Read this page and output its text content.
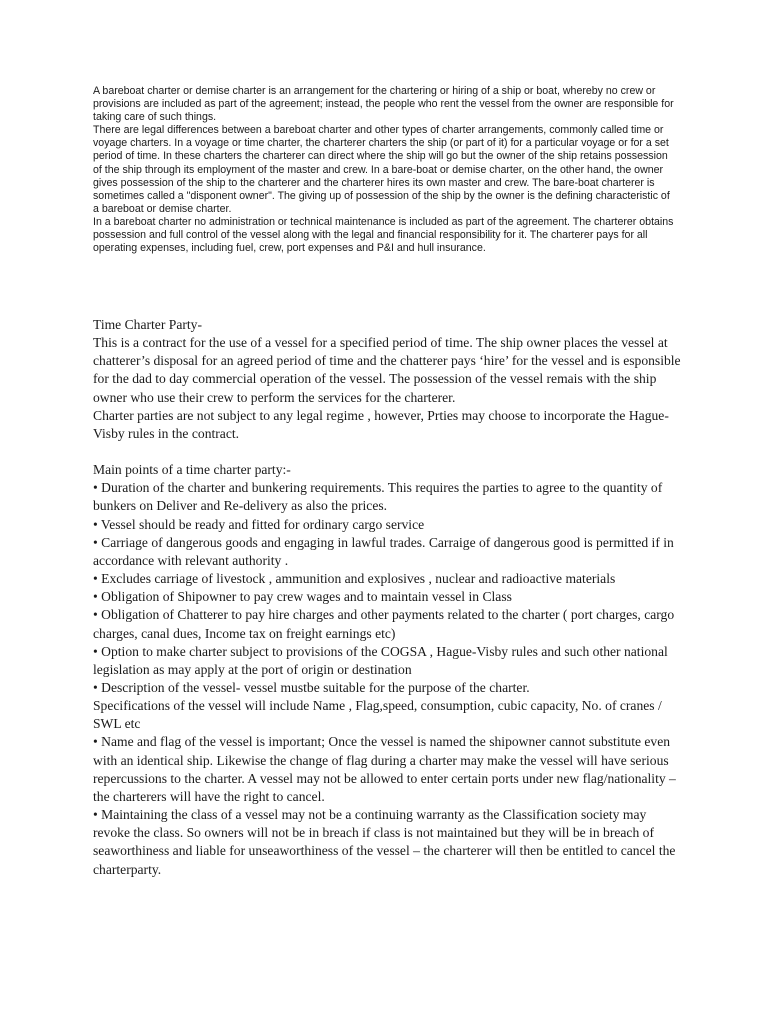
A bareboat charter or demise charter is an arrangement for the chartering or hiring of a ship or boat, whereby no crew or provisions are included as part of the agreement; instead, the people who rent the vessel from the owner are responsible for taking care of such things.

There are legal differences between a bareboat charter and other types of charter arrangements, commonly called time or voyage charters. In a voyage or time charter, the charterer charters the ship (or part of it) for a particular voyage or for a set period of time. In these charters the charterer can direct where the ship will go but the owner of the ship retains possession of the ship through its employment of the master and crew. In a bare-boat or demise charter, on the other hand, the owner gives possession of the ship to the charterer and the charterer hires its own master and crew. The bare-boat charterer is sometimes called a "disponent owner". The giving up of possession of the ship by the owner is the defining characteristic of a bareboat or demise charter.

In a bareboat charter no administration or technical maintenance is included as part of the agreement. The charterer obtains possession and full control of the vessel along with the legal and financial responsibility for it. The charterer pays for all operating expenses, including fuel, crew, port expenses and P&I and hull insurance.

Time Charter Party-

This is a contract for the use of a vessel for a specified period of time. The ship owner places the vessel at chatterer’s disposal for an agreed period of time and the chatterer pays ‘hire’ for the vessel and is esponsible for the dad to day commercial operation of the vessel. The possession of the vessel remais with the ship owner who use their crew to perform the services for the charterer.

Charter parties are not subject to any legal regime , however, Prties may choose to incorporate the Hague-Visby rules in the contract.

Main points of a time charter party:-

• Duration of the charter and bunkering requirements. This requires the parties to agree to the quantity of bunkers on Deliver and Re-delivery as also the prices.

• Vessel should be ready and fitted for ordinary cargo service

• Carriage of dangerous goods and engaging in lawful trades. Carraige of dangerous good is permitted if in accordance with relevant authority .

• Excludes carriage of livestock , ammunition and explosives , nuclear and radioactive materials

• Obligation of Shipowner to pay crew wages and to maintain vessel in Class

• Obligation of Chatterer to pay hire charges and other payments related to the charter ( port charges, cargo charges, canal dues, Income tax on freight earnings etc)

• Option to make charter subject to provisions of the COGSA , Hague-Visby rules and such other national legislation as may apply at the port of origin or destination

• Description of the vessel- vessel mustbe suitable for the purpose of the charter.

Specifications of the vessel will include Name , Flag,speed, consumption, cubic capacity, No. of cranes / SWL etc

• Name and flag of the vessel is important; Once the vessel is named the shipowner cannot substitute even with an identical ship. Likewise the change of flag during a charter may make the vessel will have serious repercussions to the charter. A vessel may not be allowed to enter certain ports under new flag/nationality – the charterers will have the right to cancel.

• Maintaining the class of a vessel may not be a continuing warranty as the Classification society may revoke the class. So owners will not be in breach if class is not maintained but they will be in breach of seaworthiness and liable for unseaworthiness of the vessel – the charterer will then be entitled to cancel the charterparty.
